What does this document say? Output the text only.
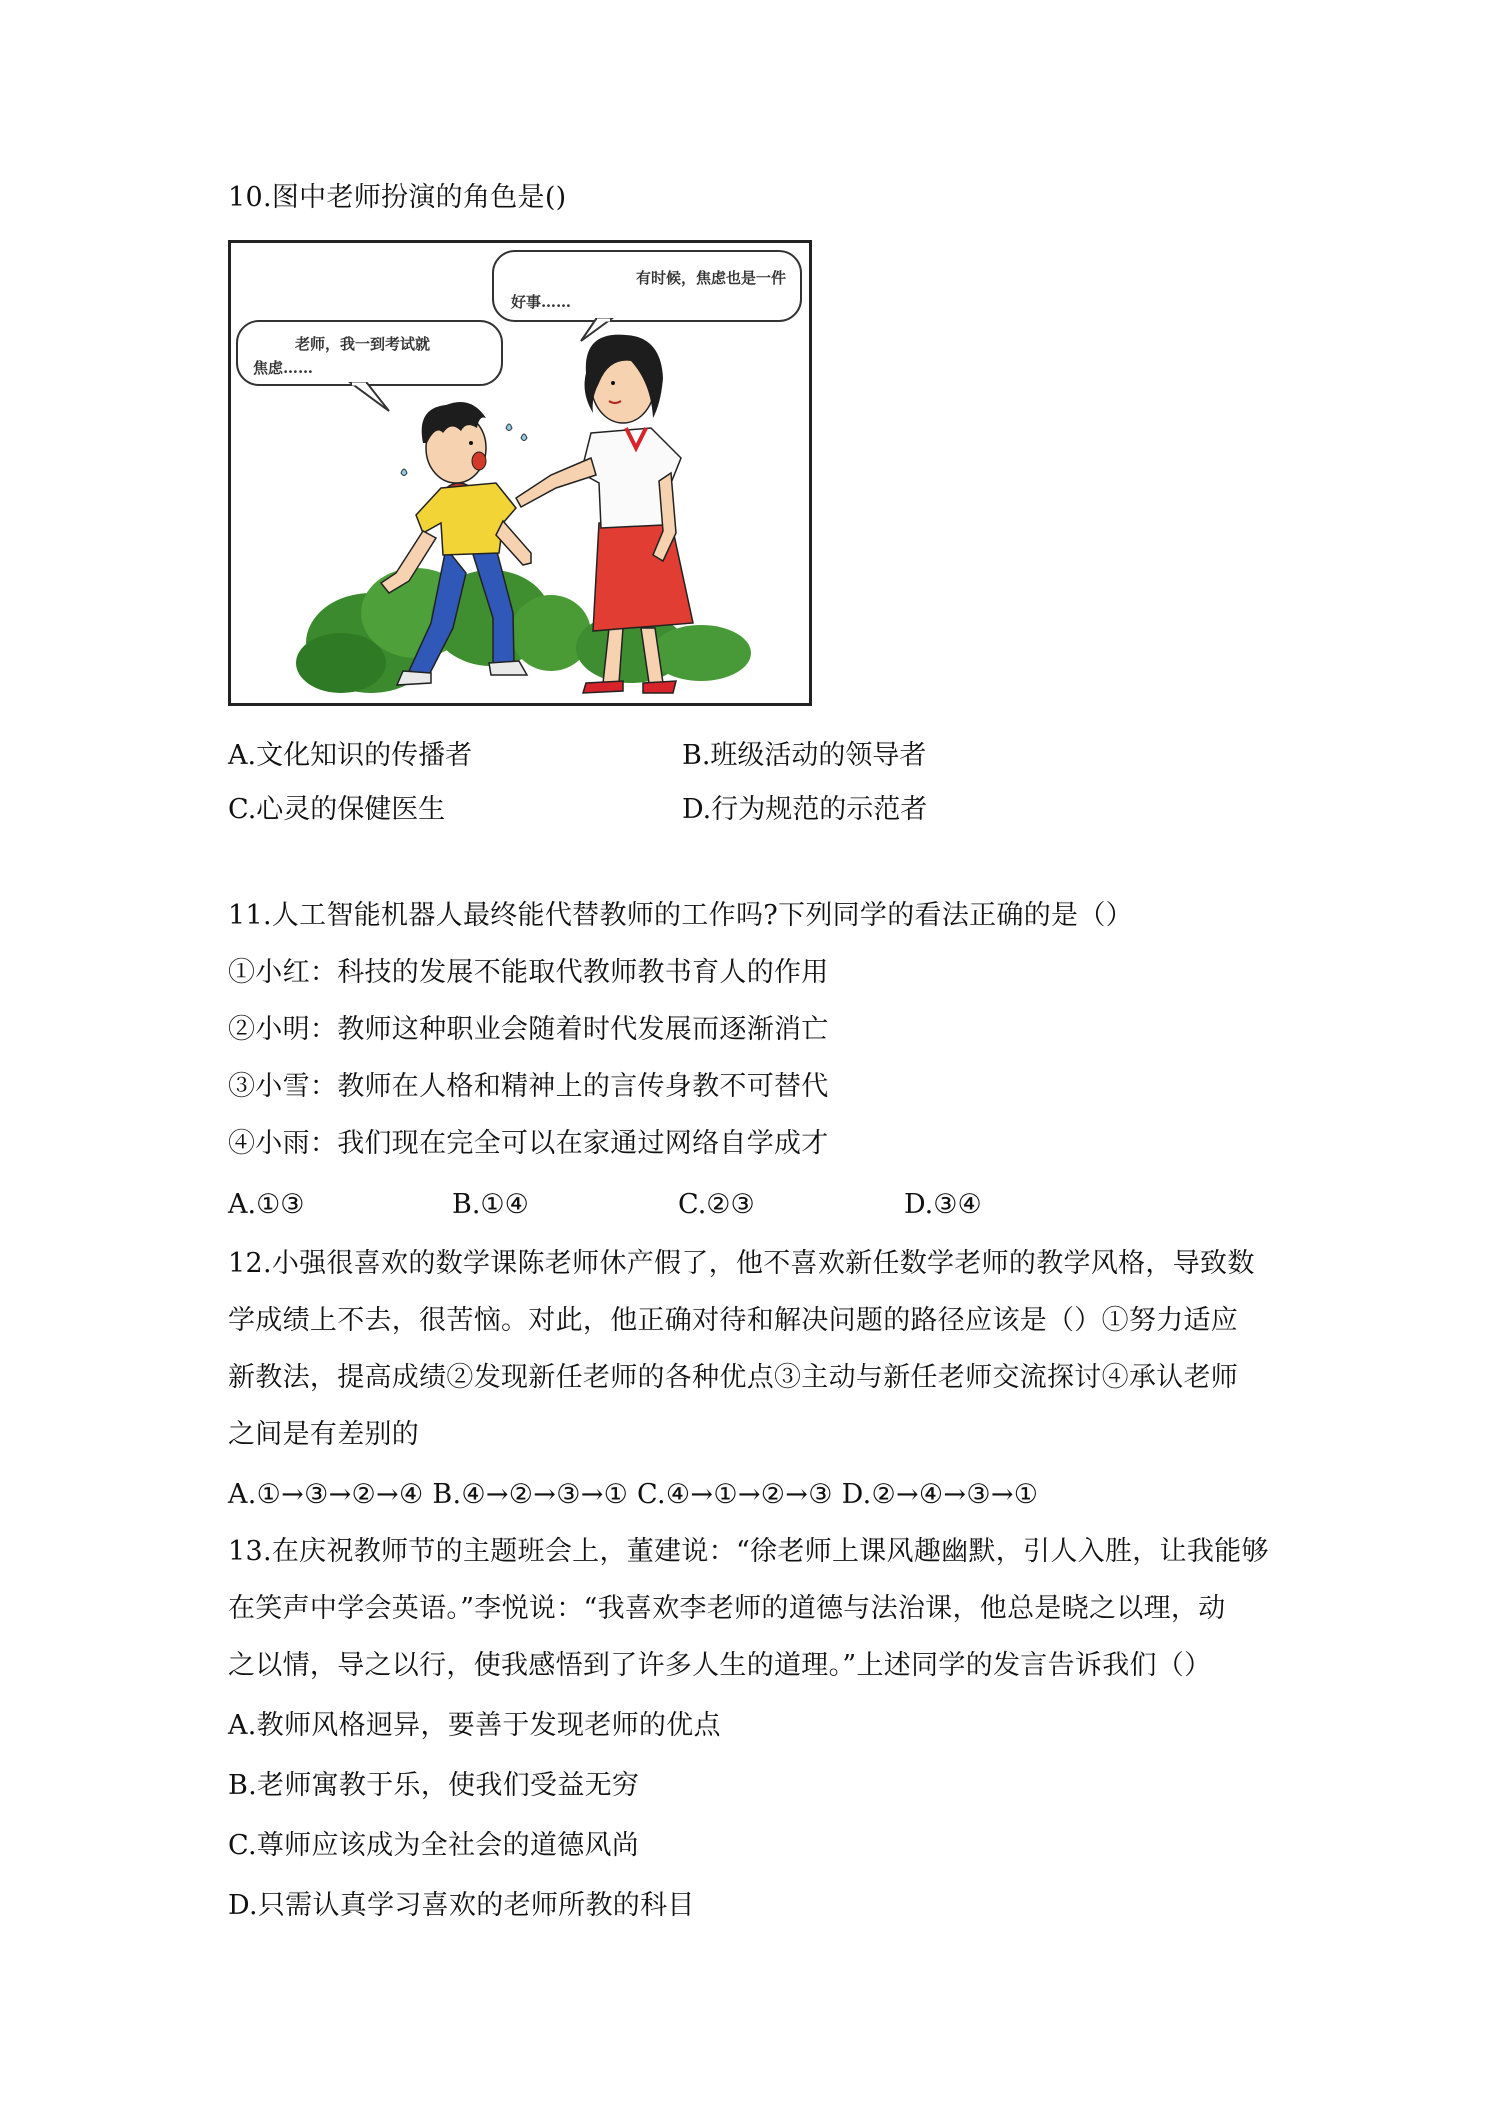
10.图中老师扮演的角色是()
有时候，焦虑也是一件
好事……
老师，我一到考试就
焦虑……
A.文化知识的传播者	B.班级活动的领导者
C.心灵的保健医生	D.行为规范的示范者
11.人工智能机器人最终能代替教师的工作吗?下列同学的看法正确的是（）
①小红：科技的发展不能取代教师教书育人的作用
②小明：教师这种职业会随着时代发展而逐渐消亡
③小雪：教师在人格和精神上的言传身教不可替代
④小雨：我们现在完全可以在家通过网络自学成才
A.①③	B.①④	C.②③	D.③④
12.小强很喜欢的数学课陈老师休产假了，他不喜欢新任数学老师的教学风格，导致数
学成绩上不去，很苦恼。对此，他正确对待和解决问题的路径应该是（）①努力适应
新教法，提高成绩②发现新任老师的各种优点③主动与新任老师交流探讨④承认老师
之间是有差别的
A.①→③→②→④ B.④→②→③→① C.④→①→②→③ D.②→④→③→①
13.在庆祝教师节的主题班会上，董建说：“徐老师上课风趣幽默，引人入胜，让我能够
在笑声中学会英语。”李悦说：“我喜欢李老师的道德与法治课，他总是晓之以理，动
之以情，导之以行，使我感悟到了许多人生的道理。”上述同学的发言告诉我们（）
A.教师风格迥异，要善于发现老师的优点
B.老师寓教于乐，使我们受益无穷
C.尊师应该成为全社会的道德风尚
D.只需认真学习喜欢的老师所教的科目
